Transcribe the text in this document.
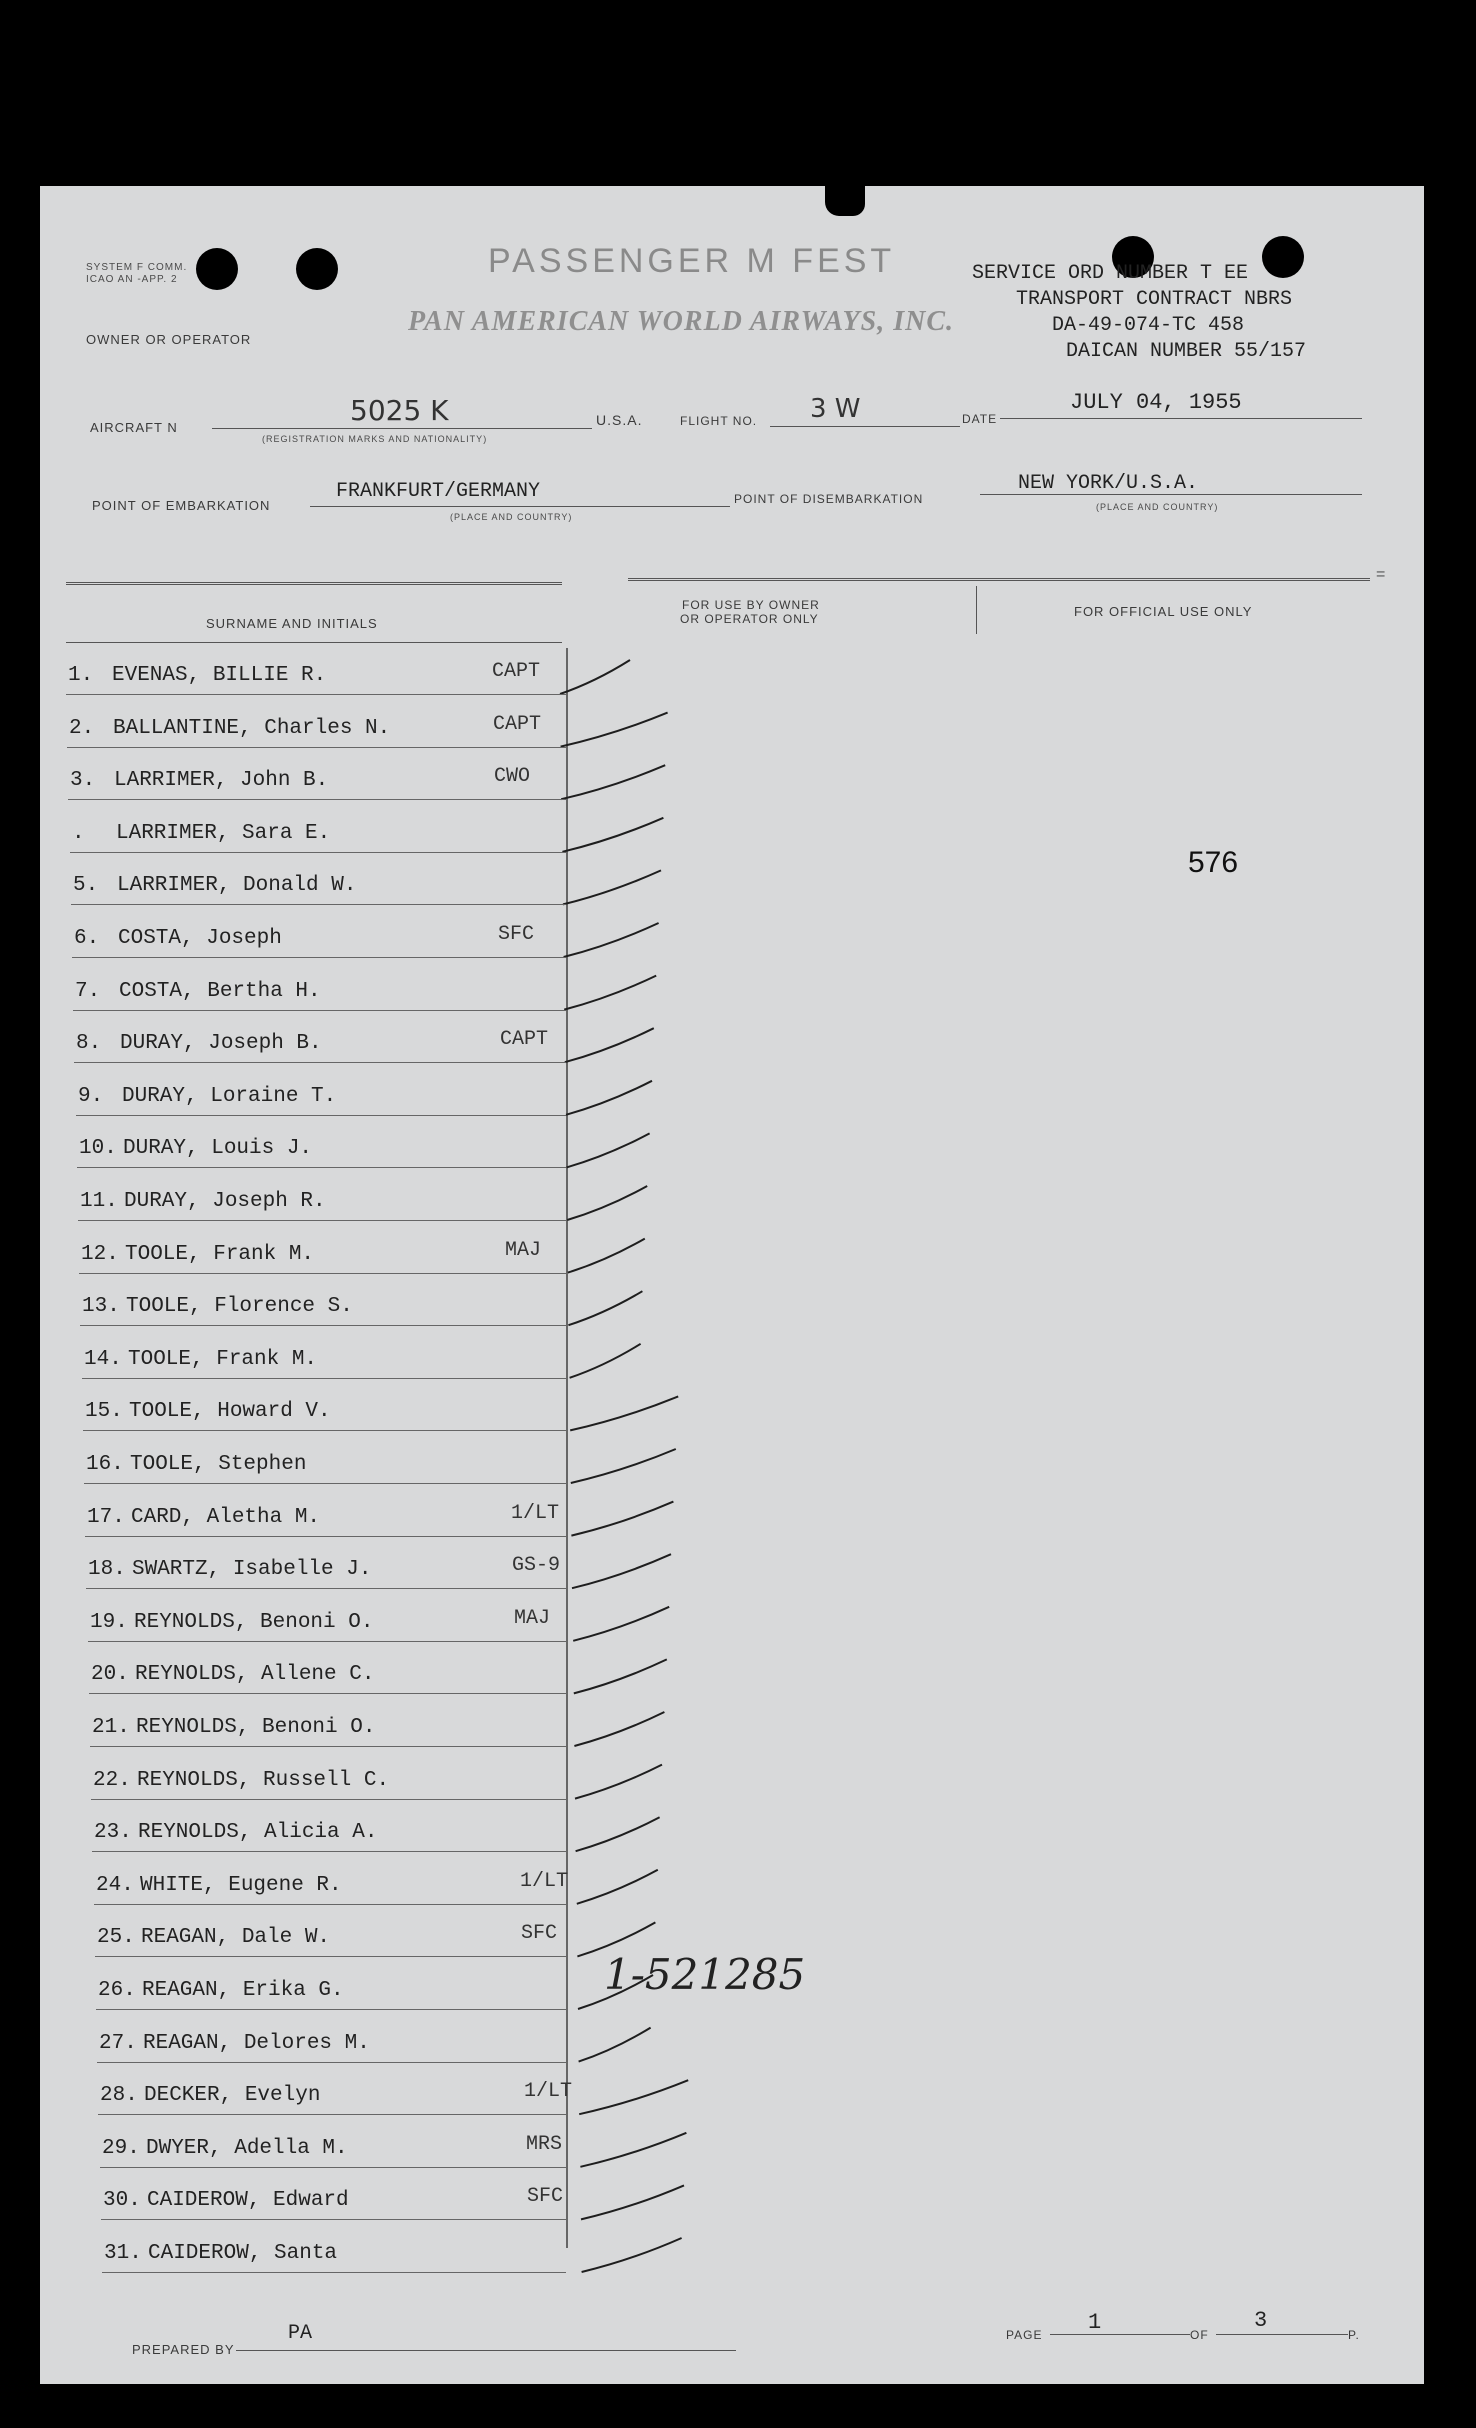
SYSTEM F COMM.
ICAO AN -APP. 2
OWNER OR OPERATOR
PASSENGER M FEST
PAN AMERICAN WORLD AIRWAYS, INC.
SERVICE ORD NUMBER T EE
TRANSPORT CONTRACT NBRS
DA-49-074-TC 458
DAICAN NUMBER 55/157
AIRCRAFT N
5025 K
(REGISTRATION MARKS AND NATIONALITY)
U.S.A.	FLIGHT NO. 3 W	DATE
JULY 04, 1955
POINT OF EMBARKATION
FRANKFURT/GERMANY
(PLACE AND COUNTRY)
POINT OF DISEMBARKATION
NEW YORK/U.S.A.
(PLACE AND COUNTRY)
SURNAME AND INITIALS
FOR USE BY OWNER
OR OPERATOR ONLY	FOR OFFICIAL USE ONLY
=
576
1. EVENAS, BILLIE R.	CAPT
2. BALLANTINE, Charles N.	CAPT
3. LARRIMER, John B.	CWO
. LARRIMER, Sara E.
5. LARRIMER, Donald W.
6. COSTA, Joseph	SFC
7. COSTA, Bertha H.
8. DURAY, Joseph B.	CAPT
9. DURAY, Loraine T.
10. DURAY, Louis J.
11. DURAY, Joseph R.
12. TOOLE, Frank M.	MAJ
13. TOOLE, Florence S.
14. TOOLE, Frank M.
15. TOOLE, Howard V.
16. TOOLE, Stephen
17. CARD, Aletha M.	1/LT
18. SWARTZ, Isabelle J.	GS-9
19. REYNOLDS, Benoni O.	MAJ
20. REYNOLDS, Allene C.
21. REYNOLDS, Benoni O.
22. REYNOLDS, Russell C.
23. REYNOLDS, Alicia A.
24. WHITE, Eugene R.	1/LT
25. REAGAN, Dale W.	SFC
26. REAGAN, Erika G.
27. REAGAN, Delores M.
28. DECKER, Evelyn	1/LT
29. DWYER, Adella M.	MRS
30. CAIDEROW, Edward	SFC
31. CAIDEROW, Santa
1-521285
PREPARED BY
PA	PAGE 1	OF
3
P.
